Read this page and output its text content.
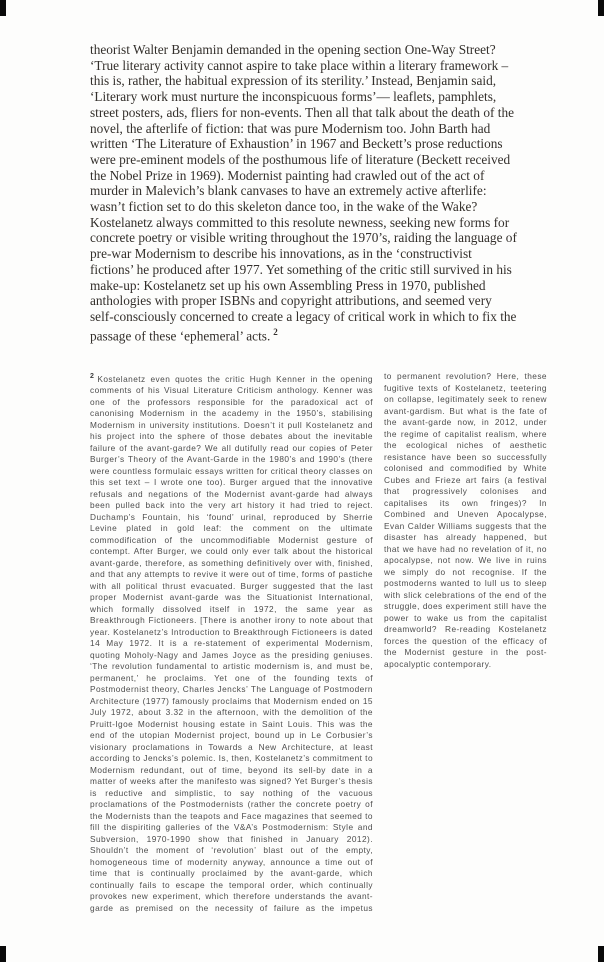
theorist Walter Benjamin demanded in the opening section One-Way Street? ‘True literary activity cannot aspire to take place within a literary framework – this is, rather, the habitual expression of its sterility.’ Instead, Benjamin said, ‘Literary work must nurture the inconspicuous forms’— leaflets, pamphlets, street posters, ads, fliers for non-events. Then all that talk about the death of the novel, the afterlife of fiction: that was pure Modernism too. John Barth had written ‘The Literature of Exhaustion’ in 1967 and Beckett’s prose reductions were pre-eminent models of the posthumous life of literature (Beckett received the Nobel Prize in 1969). Modernist painting had crawled out of the act of murder in Malevich’s blank canvases to have an extremely active afterlife: wasn’t fiction set to do this skeleton dance too, in the wake of the Wake? Kostelanetz always committed to this resolute newness, seeking new forms for concrete poetry or visible writing throughout the 1970’s, raiding the language of pre-war Modernism to describe his innovations, as in the ‘constructivist fictions’ he produced after 1977. Yet something of the critic still survived in his make-up: Kostelanetz set up his own Assembling Press in 1970, published anthologies with proper ISBNs and copyright attributions, and seemed very self-consciously concerned to create a legacy of critical work in which to fix the passage of these ‘ephemeral’ acts. $^2$

$^2$ Kostelanetz even quotes the critic Hugh Kenner in the opening comments of his Visual Literature Criticism anthology. Kenner was one of the professors responsible for the paradoxical act of canonising Modernism in the academy in the 1950’s, stabilising Modernism in university institutions. Doesn’t it pull Kostelanetz and his project into the sphere of those debates about the inevitable failure of the avant-garde? We all dutifully read our copies of Peter Burger’s Theory of the Avant-Garde in the 1980’s and 1990’s (there were countless formulaic essays written for critical theory classes on this set text – I wrote one too). Burger argued that the innovative refusals and negations of the Modernist avant-garde had always been pulled back into the very art history it had tried to reject. Duchamp’s Fountain, his ‘found’ urinal, reproduced by Sherrie Levine plated in gold leaf: the comment on the ultimate commodification of the uncommodifiable Modernist gesture of contempt. After Burger, we could only ever talk about the historical avant-garde, therefore, as something definitively over with, finished, and that any attempts to revive it were out of time, forms of pastiche with all political thrust evacuated. Burger suggested that the last proper Modernist avant-garde was the Situationist International, which formally dissolved itself in 1972, the same year as Breakthrough Fictioneers. [There is another irony to note about that year. Kostelanetz’s Introduction to Breakthrough Fictioneers is dated 14 May 1972. It is a re-statement of experimental Modernism, quoting Moholy-Nagy and James Joyce as the presiding geniuses. ‘The revolution fundamental to artistic modernism is, and must be, permanent,’ he proclaims. Yet one of the founding texts of Postmodernist theory, Charles Jencks’ The Language of Postmodern Architecture (1977) famously proclaims that Modernism ended on 15 July 1972, about 3.32 in the afternoon, with the demolition of the Pruitt-Igoe Modernist housing estate in Saint Louis. This was the end of the utopian Modernist project, bound up in Le Corbusier’s visionary proclamations in Towards a New Architecture, at least according to Jencks’s polemic. Is, then, Kostelanetz’s commitment to Modernism redundant, out of time, beyond its sell-by date in a matter of weeks after the manifesto was signed? Yet Burger’s thesis is reductive and simplistic, to say nothing of the vacuous proclamations of the Postmodernists (rather the concrete poetry of the Modernists than the teapots and Face magazines that seemed to fill the dispiriting galleries of the V&A’s Postmodernism: Style and Subversion, 1970-1990 show that finished in January 2012). Shouldn’t the moment of ‘revolution’ blast out of the empty, homogeneous time of modernity anyway, announce a time out of time that is continually proclaimed by the avant-garde, which continually fails to escape the temporal order, which continually provokes new experiment, which therefore understands the avant-garde as premised on the necessity of failure as the impetus
to permanent revolution? Here, these fugitive texts of Kostelanetz, teetering on collapse, legitimately seek to renew avant-gardism. But what is the fate of the avant-garde now, in 2012, under the regime of capitalist realism, where the ecological niches of aesthetic resistance have been so successfully colonised and commodified by White Cubes and Frieze art fairs (a festival that progressively colonises and capitalises its own fringes)? In Combined and Uneven Apocalypse, Evan Calder Williams suggests that the disaster has already happened, but that we have had no revelation of it, no apocalypse, not now. We live in ruins we simply do not recognise. If the postmoderns wanted to lull us to sleep with slick celebrations of the end of the struggle, does experiment still have the power to wake us from the capitalist dreamworld? Re-reading Kostelanetz forces the question of the efficacy of the Modernist gesture in the post-apocalyptic contemporary.
